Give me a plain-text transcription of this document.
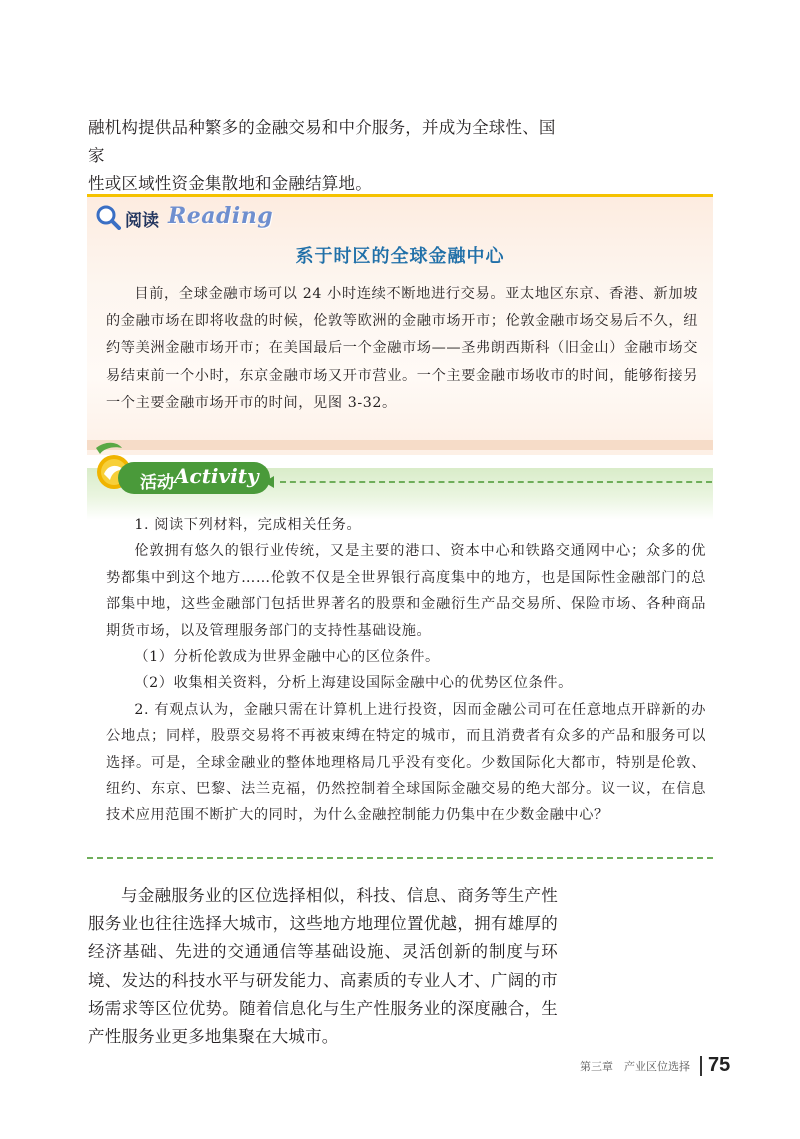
融机构提供品种繁多的金融交易和中介服务，并成为全球性、国家

性或区域性资金集散地和金融结算地。

阅读 Reading
系于时区的全球金融中心

目前，全球金融市场可以 24 小时连续不断地进行交易。亚太地区东京、香港、新加坡的金融市场在即将收盘的时候，伦敦等欧洲的金融市场开市；伦敦金融市场交易后不久，纽约等美洲金融市场开市；在美国最后一个金融市场——圣弗朗西斯科（旧金山）金融市场交易结束前一个小时，东京金融市场又开市营业。一个主要金融市场收市的时间，能够衔接另一个主要金融市场开市的时间，见图 3-32。

活动 Activity

1. 阅读下列材料，完成相关任务。

伦敦拥有悠久的银行业传统，又是主要的港口、资本中心和铁路交通网中心；众多的优势都集中到这个地方……伦敦不仅是全世界银行高度集中的地方，也是国际性金融部门的总部集中地，这些金融部门包括世界著名的股票和金融衍生产品交易所、保险市场、各种商品期货市场，以及管理服务部门的支持性基础设施。

（1）分析伦敦成为世界金融中心的区位条件。

（2）收集相关资料，分析上海建设国际金融中心的优势区位条件。

2. 有观点认为，金融只需在计算机上进行投资，因而金融公司可在任意地点开辟新的办公地点；同样，股票交易将不再被束缚在特定的城市，而且消费者有众多的产品和服务可以选择。可是，全球金融业的整体地理格局几乎没有变化。少数国际化大都市，特别是伦敦、纽约、东京、巴黎、法兰克福，仍然控制着全球国际金融交易的绝大部分。议一议，在信息技术应用范围不断扩大的同时，为什么金融控制能力仍集中在少数金融中心？

与金融服务业的区位选择相似，科技、信息、商务等生产性服务业也往往选择大城市，这些地方地理位置优越，拥有雄厚的经济基础、先进的交通通信等基础设施、灵活创新的制度与环境、发达的科技水平与研发能力、高素质的专业人才、广阔的市场需求等区位优势。随着信息化与生产性服务业的深度融合，生产性服务业更多地集聚在大城市。

第三章　产业区位选择 75
